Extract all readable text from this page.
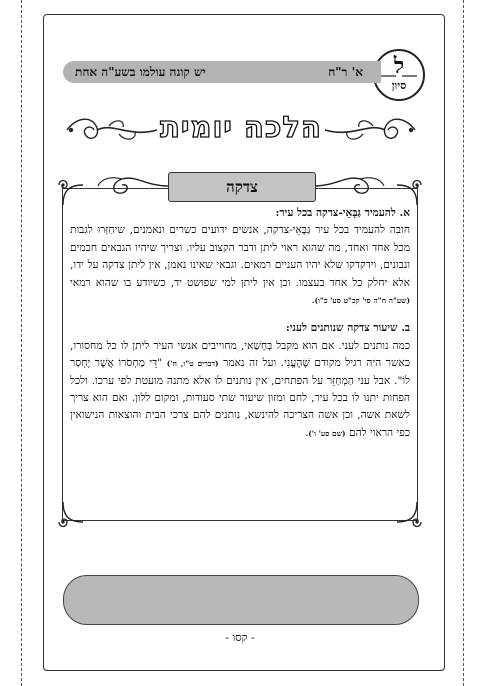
ל
סיון
א' ר"ח
יש קונה עולמו בשע"ה אחת
הלכה יומית
צדקה
א. להעמיד גַּבָּאֵי-צדקה בכל עיר:
חובה להעמיד בכל עיר גַּבָּאֵי-צדקה, אנשים ידועים כשרים ונאמנים, שיחַזְּרוּ לגבות מכל אחד ואחד, מה שהוא ראוי ליתן ודבר הקצוב עליו. וצריך שיהיו הגבאים חכמים ונבונים, וידקדקו שלא יהיו העניים רמאים. וגבאי שאינו נאמן, אין ליתן צדקה על ידו, אלא יחלק כל אחד בעצמו. וכן אין ליתן למי שפושט יד, כשיודע בו שהוא רמאי (שע"ה ח"ה סי' קכ"ט סע' כ"ו).
ב. שיעור צדקה שנותנים לעני:
כמה נותנים לעני. אם הוא מקבל בְּחָשַׁאי, מחוייבים אנשי העיר ליתן לו כל מחסורו, כאשר היה רגיל מקודם שֶׁהֶעֱנִי. ועל זה נאמר (דברים ט"ו, ח') "דֵּי מַחְסֹרוֹ אֲשֶׁר יֶחְסַר לוֹ". אבל עני הַמְחַזֵּר על הפתחים, אין נותנים לו אלא מתנה מועטת לפי ערכו. ולכל הפחות יתנו לו בכל עיר, לחם ומזון שיעור שתי סעודות, ומקום ללון. ואם הוא צריך לשאת אשה, וכן אשה הצריכה להינשא, נותנים להם צרכי הבית והוצאות הנישואין כפי הראוי להם (שם סע' ו').
- קסו -
